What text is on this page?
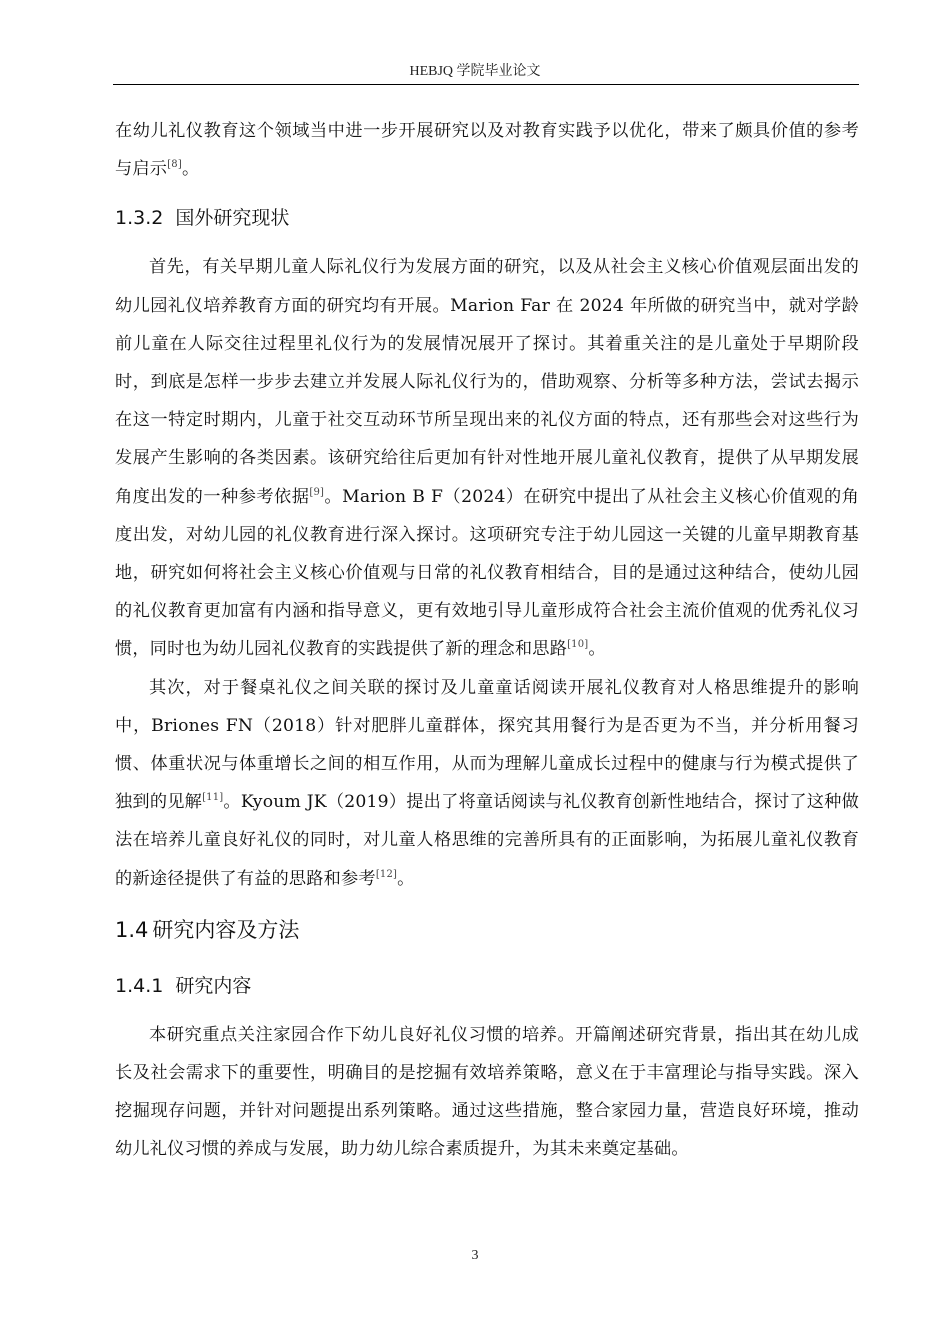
HEBJQ 学院毕业论文

在幼儿礼仪教育这个领域当中进一步开展研究以及对教育实践予以优化，带来了颇具价值的参考与启示[8]。

1.3.2 国外研究现状

首先，有关早期儿童人际礼仪行为发展方面的研究，以及从社会主义核心价值观层面出发的幼儿园礼仪培养教育方面的研究均有开展。Marion Far 在 2024 年所做的研究当中，就对学龄前儿童在人际交往过程里礼仪行为的发展情况展开了探讨。其着重关注的是儿童处于早期阶段时，到底是怎样一步步去建立并发展人际礼仪行为的，借助观察、分析等多种方法，尝试去揭示在这一特定时期内，儿童于社交互动环节所呈现出来的礼仪方面的特点，还有那些会对这些行为发展产生影响的各类因素。该研究给往后更加有针对性地开展儿童礼仪教育，提供了从早期发展角度出发的一种参考依据[9]。Marion B F（2024）在研究中提出了从社会主义核心价值观的角度出发，对幼儿园的礼仪教育进行深入探讨。这项研究专注于幼儿园这一关键的儿童早期教育基地，研究如何将社会主义核心价值观与日常的礼仪教育相结合，目的是通过这种结合，使幼儿园的礼仪教育更加富有内涵和指导意义，更有效地引导儿童形成符合社会主流价值观的优秀礼仪习惯，同时也为幼儿园礼仪教育的实践提供了新的理念和思路[10]。

其次，对于餐桌礼仪之间关联的探讨及儿童童话阅读开展礼仪教育对人格思维提升的影响中，Briones FN（2018）针对肥胖儿童群体，探究其用餐行为是否更为不当，并分析用餐习惯、体重状况与体重增长之间的相互作用，从而为理解儿童成长过程中的健康与行为模式提供了独到的见解[11]。Kyoum JK（2019）提出了将童话阅读与礼仪教育创新性地结合，探讨了这种做法在培养儿童良好礼仪的同时，对儿童人格思维的完善所具有的正面影响，为拓展儿童礼仪教育的新途径提供了有益的思路和参考[12]。

1.4 研究内容及方法
1.4.1 研究内容

本研究重点关注家园合作下幼儿良好礼仪习惯的培养。开篇阐述研究背景，指出其在幼儿成长及社会需求下的重要性，明确目的是挖掘有效培养策略，意义在于丰富理论与指导实践。深入挖掘现存问题，并针对问题提出系列策略。通过这些措施，整合家园力量，营造良好环境，推动幼儿礼仪习惯的养成与发展，助力幼儿综合素质提升，为其未来奠定基础。

3
